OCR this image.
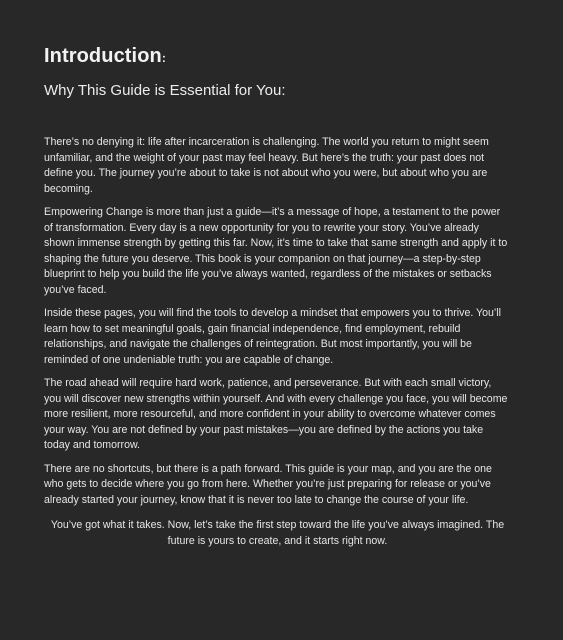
Introduction:
Why This Guide is Essential for You:

There’s no denying it: life after incarceration is challenging. The world you return to might seem unfamiliar, and the weight of your past may feel heavy. But here’s the truth: your past does not define you. The journey you’re about to take is not about who you were, but about who you are becoming.

Empowering Change is more than just a guide—it’s a message of hope, a testament to the power of transformation. Every day is a new opportunity for you to rewrite your story. You’ve already shown immense strength by getting this far. Now, it’s time to take that same strength and apply it to shaping the future you deserve. This book is your companion on that journey—a step-by-step blueprint to help you build the life you’ve always wanted, regardless of the mistakes or setbacks you’ve faced.

Inside these pages, you will find the tools to develop a mindset that empowers you to thrive. You’ll learn how to set meaningful goals, gain financial independence, find employment, rebuild relationships, and navigate the challenges of reintegration. But most importantly, you will be reminded of one undeniable truth: you are capable of change.

The road ahead will require hard work, patience, and perseverance. But with each small victory, you will discover new strengths within yourself. And with every challenge you face, you will become more resilient, more resourceful, and more confident in your ability to overcome whatever comes your way. You are not defined by your past mistakes—you are defined by the actions you take today and tomorrow.

There are no shortcuts, but there is a path forward. This guide is your map, and you are the one who gets to decide where you go from here. Whether you’re just preparing for release or you’ve already started your journey, know that it is never too late to change the course of your life.

You’ve got what it takes. Now, let’s take the first step toward the life you’ve always imagined. The future is yours to create, and it starts right now.
